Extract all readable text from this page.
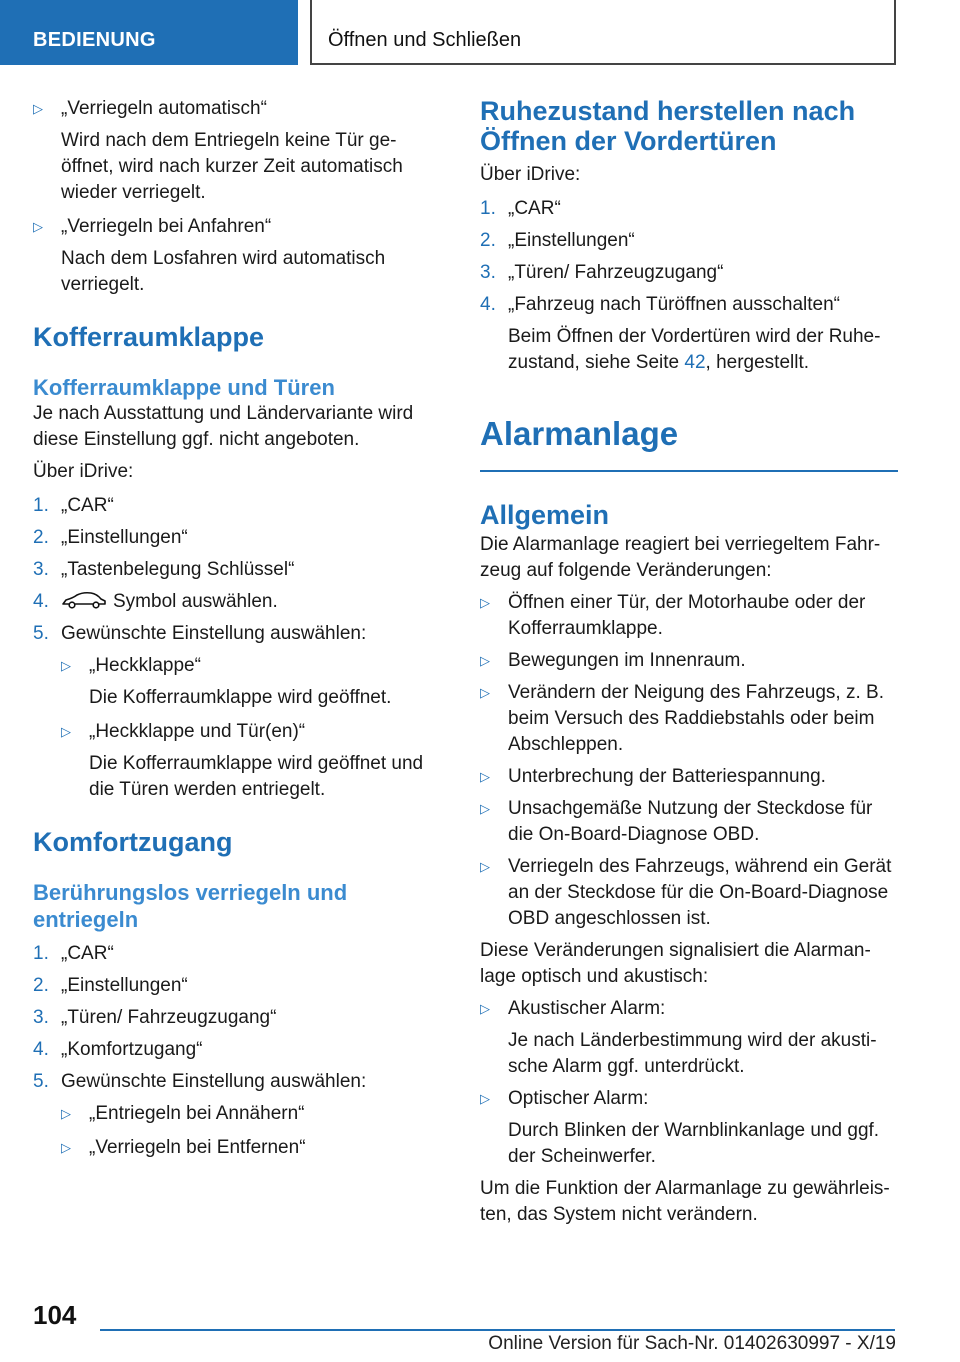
BEDIENUNG	Öffnen und Schließen
▷ „Verriegeln automatisch“
Wird nach dem Entriegeln keine Tür ge- öffnet, wird nach kurzer Zeit automatisch wieder verriegelt.
▷ „Verriegeln bei Anfahren“
Nach dem Losfahren wird automatisch verriegelt.
Kofferraumklappe
Kofferraumklappe und Türen

Je nach Ausstattung und Ländervariante wird diese Einstellung ggf. nicht angeboten.

Über iDrive:

1. „CAR“
2. „Einstellungen“
3. „Tastenbelegung Schlüssel“
4.	Symbol auswählen.
5. Gewünschte Einstellung auswählen:
▷ „Heckklappe“
Die Kofferraumklappe wird geöffnet.
▷ „Heckklappe und Tür(en)“
Die Kofferraumklappe wird geöffnet und die Türen werden entriegelt.
Komfortzugang
Berührungslos verriegeln und entriegeln
1. „CAR“
2. „Einstellungen“
3. „Türen/ Fahrzeugzugang“
4. „Komfortzugang“
5. Gewünschte Einstellung auswählen:
▷ „Entriegeln bei Annähern“
▷ „Verriegeln bei Entfernen“
Ruhezustand herstellen nach Öffnen der Vordertüren

Über iDrive:

1. „CAR“
2. „Einstellungen“
3. „Türen/ Fahrzeugzugang“
4. „Fahrzeug nach Türöffnen ausschalten“
Beim Öffnen der Vordertüren wird der Ruhe- zustand, siehe Seite 42, hergestellt.
Alarmanlage
Allgemein

Die Alarmanlage reagiert bei verriegeltem Fahr- zeug auf folgende Veränderungen:

▷ Öffnen einer Tür, der Motorhaube oder der Kofferraumklappe.
▷ Bewegungen im Innenraum.
▷ Verändern der Neigung des Fahrzeugs, z. B. beim Versuch des Raddiebstahls oder beim Abschleppen.
▷ Unterbrechung der Batteriespannung.
▷ Unsachgemäße Nutzung der Steckdose für die On-Board-Diagnose OBD.
▷ Verriegeln des Fahrzeugs, während ein Gerät an der Steckdose für die On-Board-Diagnose OBD angeschlossen ist.

Diese Veränderungen signalisiert die Alarman- lage optisch und akustisch:

▷ Akustischer Alarm:
Je nach Länderbestimmung wird der akusti- sche Alarm ggf. unterdrückt.
▷ Optischer Alarm:
Durch Blinken der Warnblinkanlage und ggf. der Scheinwerfer.

Um die Funktion der Alarmanlage zu gewährleis- ten, das System nicht verändern.

104
Online Version für Sach-Nr. 01402630997 - X/19
